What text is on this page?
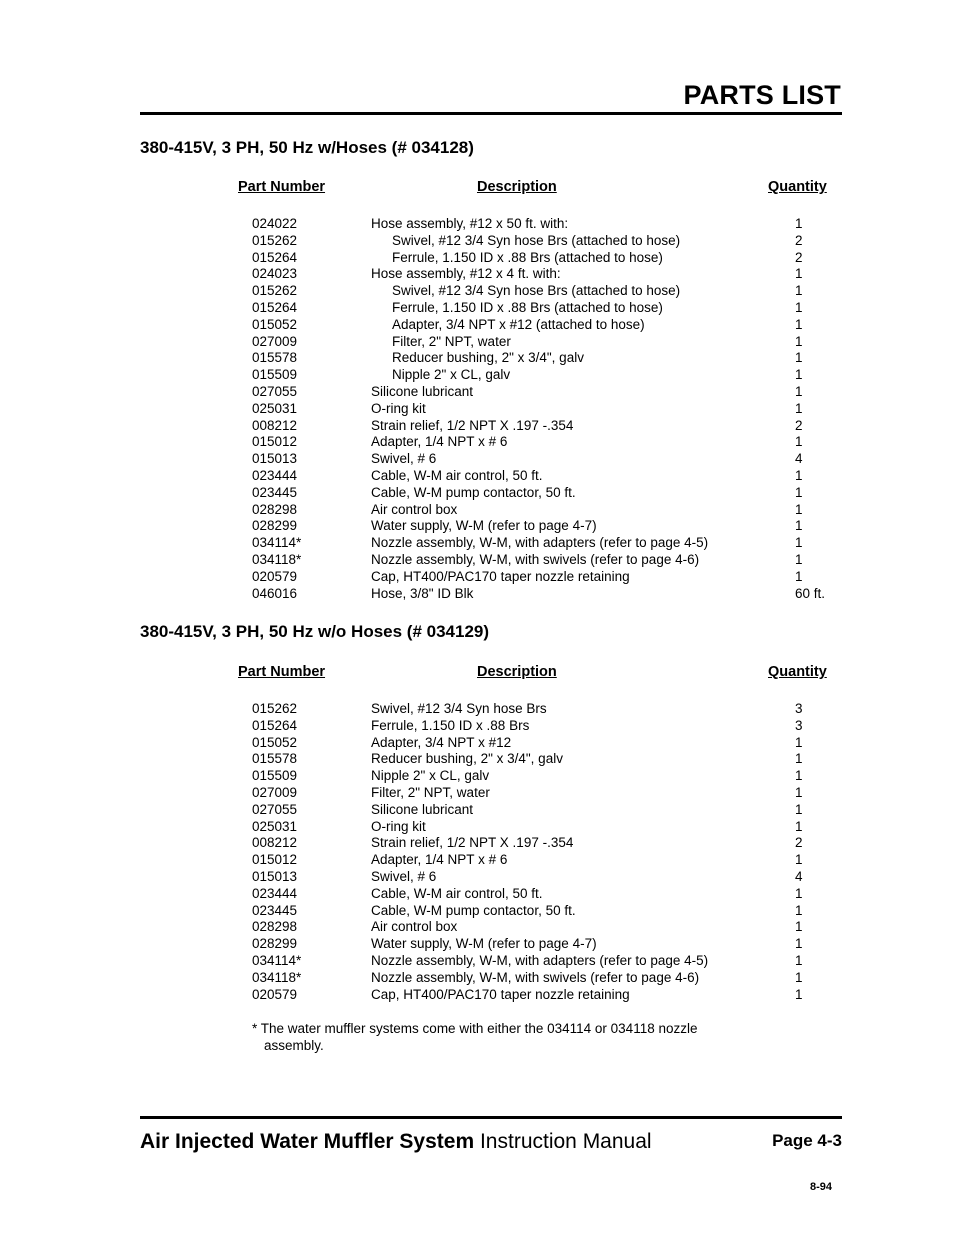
PARTS LIST
380-415V, 3 PH, 50 Hz w/Hoses (# 034128)
Part Number	Description	Quantity
024022	Hose assembly, #12 x 50 ft. with:	1
015262	Swivel, #12 3/4 Syn hose Brs (attached to hose)	2
015264	Ferrule, 1.150 ID x .88 Brs (attached to hose)	2
024023	Hose assembly, #12 x 4 ft. with:	1
015262	Swivel, #12 3/4 Syn hose Brs (attached to hose)	1
015264	Ferrule, 1.150 ID x .88 Brs (attached to hose)	1
015052	Adapter, 3/4 NPT x #12 (attached to hose)	1
027009	Filter, 2" NPT, water	1
015578	Reducer bushing, 2" x 3/4", galv	1
015509	Nipple 2" x CL, galv	1
027055	Silicone lubricant	1
025031	O-ring kit	1
008212	Strain relief, 1/2 NPT X .197 -.354	2
015012	Adapter, 1/4 NPT x # 6	1
015013	Swivel, # 6	4
023444	Cable, W-M air control, 50 ft.	1
023445	Cable, W-M pump contactor, 50 ft.	1
028298	Air control box	1
028299	Water supply, W-M (refer to page 4-7)	1
034114*	Nozzle assembly, W-M, with adapters (refer to page 4-5)	1
034118*	Nozzle assembly, W-M, with swivels (refer to page 4-6)	1
020579	Cap, HT400/PAC170 taper nozzle retaining	1
046016	Hose, 3/8" ID Blk	60 ft.
380-415V, 3 PH, 50 Hz w/o Hoses (# 034129)
Part Number	Description	Quantity
015262	Swivel, #12 3/4 Syn hose Brs	3
015264	Ferrule, 1.150 ID x .88 Brs	3
015052	Adapter, 3/4 NPT x #12	1
015578	Reducer bushing, 2" x 3/4", galv	1
015509	Nipple 2" x CL, galv	1
027009	Filter, 2" NPT, water	1
027055	Silicone lubricant	1
025031	O-ring kit	1
008212	Strain relief, 1/2 NPT X .197 -.354	2
015012	Adapter, 1/4 NPT x # 6	1
015013	Swivel, # 6	4
023444	Cable, W-M air control, 50 ft.	1
023445	Cable, W-M pump contactor, 50 ft.	1
028298	Air control box	1
028299	Water supply, W-M (refer to page 4-7)	1
034114*	Nozzle assembly, W-M, with adapters (refer to page 4-5)	1
034118*	Nozzle assembly, W-M, with swivels (refer to page 4-6)	1
020579	Cap, HT400/PAC170 taper nozzle retaining	1
* The water muffler systems come with either the 034114 or 034118 nozzle
assembly.
Air Injected Water Muffler System Instruction Manual	Page 4-3
8-94
